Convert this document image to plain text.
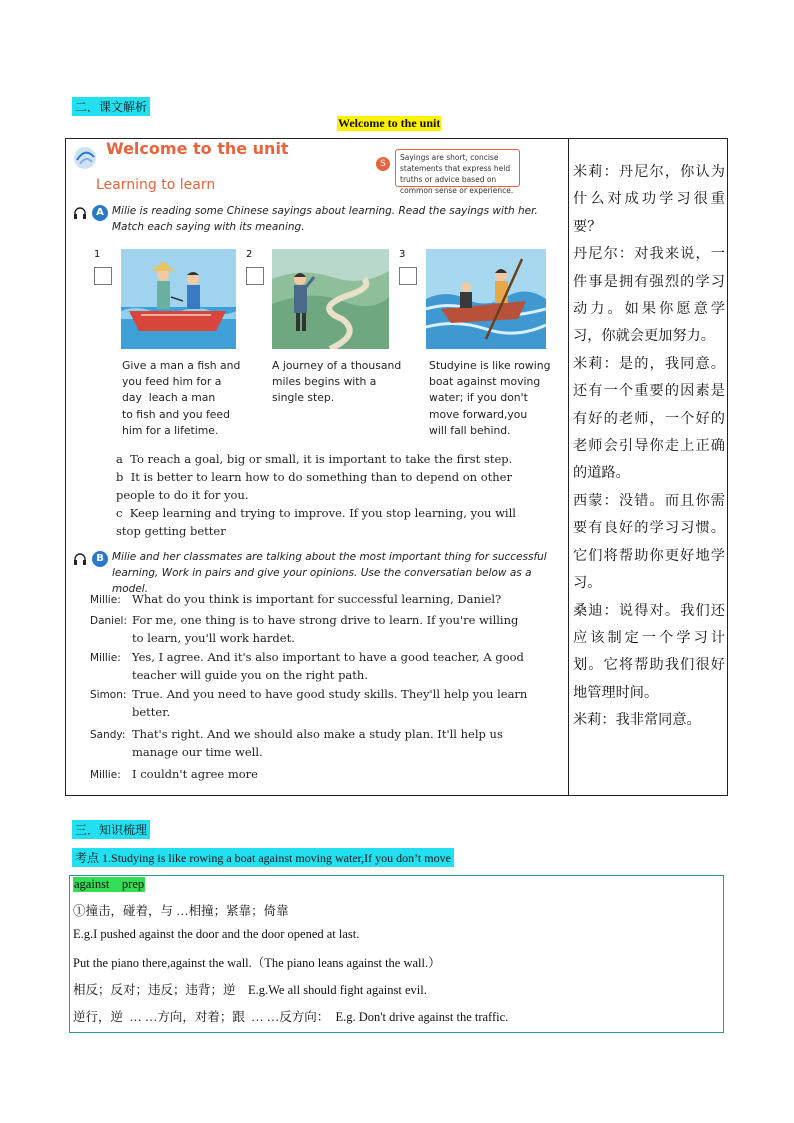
二．课文解析
Welcome to the unit
Welcome to the unit
Learning to learn
S
Sayings are short, concise statements that express held truths or advice based on common sense or experience.
A Milie is reading some Chinese sayings about learning. Read the sayings with her. Match each saying with its meaning.
1	2	3
Give a man a fish and
you feed him for a
day  leach a man
to fish and you feed
him for a lifetime.
A journey of a thousand
miles begins with a
single step.
Studyine is like rowing
boat against moving
water; if you don't
move forward,you
will fall behind.
a To reach a goal, big or small, it is important to take the first step.
b It is better to learn how to do something than to depend on other people to do it for you.
c Keep learning and trying to improve. If you stop learning, you will stop getting better
B Milie and her classmates are talking about the most important thing for successful learning, Work in pairs and give your opinions. Use the conversatian below as a model.
Millie: What do you think is important for successful learning, Daniel?
Daniel: For me, one thing is to have strong drive to learn. If you're willing to learn, you'll work hardet.
Millie: Yes, I agree. And it's also important to have a good teacher, A good teacher will guide you on the right path.
Simon: True. And you need to have good study skills. They'll help you learn better.
Sandy: That's right. And we should also make a study plan. It'll help us manage our time well.
Millie: I couldn't agree more

米莉：丹尼尔，你认为什么对成功学习很重要？

丹尼尔：对我来说，一件事是拥有强烈的学习动力。如果你愿意学习，你就会更加努力。

米莉：是的，我同意。还有一个重要的因素是有好的老师，一个好的老师会引导你走上正确的道路。

西蒙：没错。而且你需要有良好的学习习惯。它们将帮助你更好地学习。

桑迪：说得对。我们还应该制定一个学习计划。它将帮助我们很好地管理时间。

米莉：我非常同意。

三．知识梳理
考点 1.Studying is like rowing a boat against moving water,If you don’t move
against    prep
①撞击，碰着，与 …相撞；紧靠；倚靠
E.g.I pushed against the door and the door opened at last.
Put the piano there,against the wall.（The piano leans against the wall.）
相反；反对；违反；违背；逆    E.g.We all should fight against evil.
逆行，逆  … …方向，对着；跟  … …反方向：  E.g. Don't drive against the traffic.
